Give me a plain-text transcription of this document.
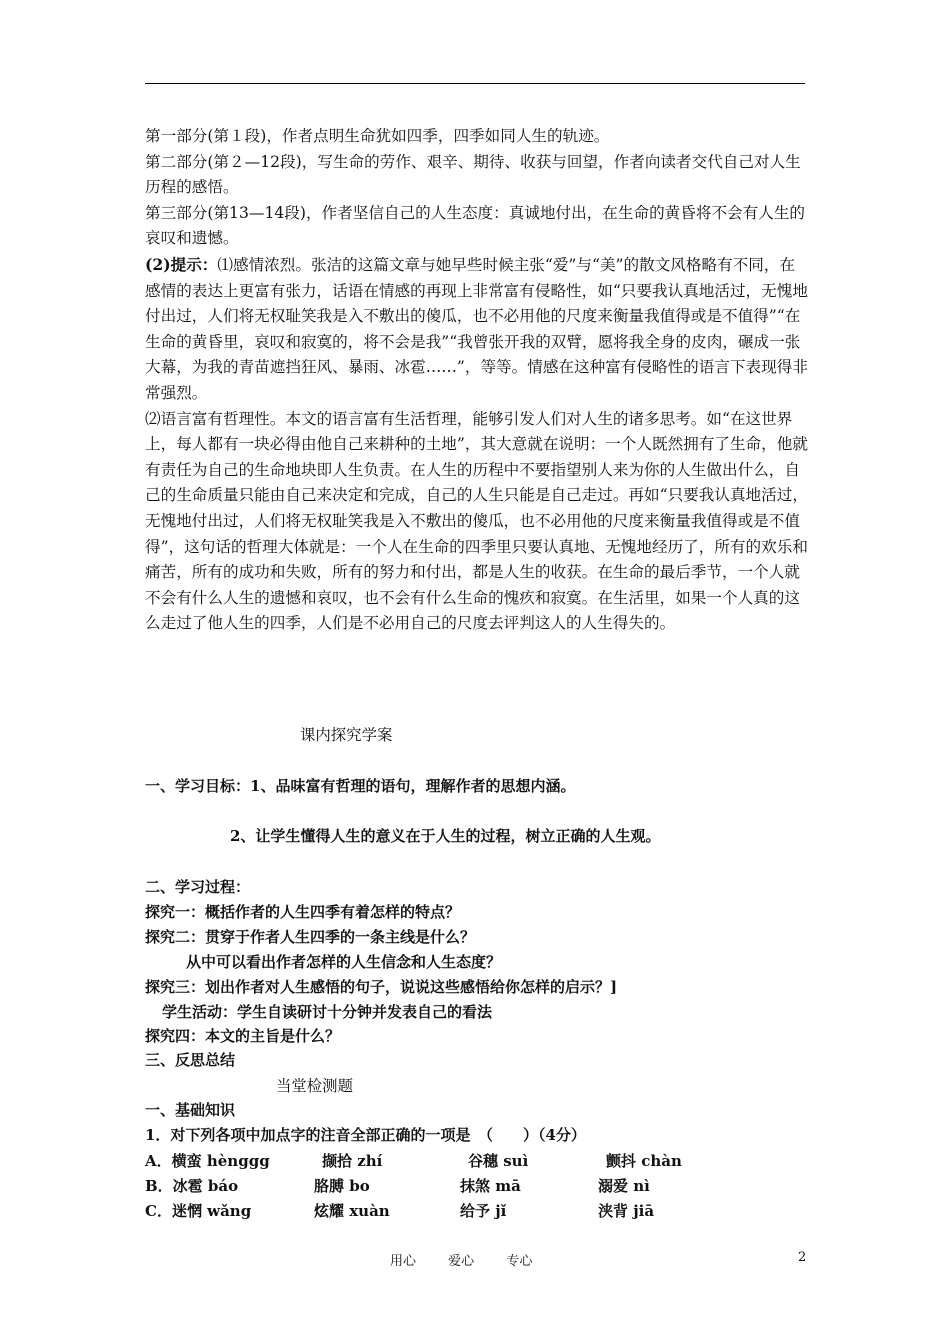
第一部分(第１段)，作者点明生命犹如四季，四季如同人生的轨迹。

第二部分(第２—12段)，写生命的劳作、艰辛、期待、收获与回望，作者向读者交代自己对人生历程的感悟。

第三部分(第13—14段)，作者坚信自己的人生态度：真诚地付出，在生命的黄昏将不会有人生的哀叹和遗憾。

(2)提示：⑴感情浓烈。张洁的这篇文章与她早些时候主张“爱”与“美”的散文风格略有不同，在感情的表达上更富有张力，话语在情感的再现上非常富有侵略性，如“只要我认真地活过，无愧地付出过，人们将无权耻笑我是入不敷出的傻瓜，也不必用他的尺度来衡量我值得或是不值得”“在生命的黄昏里，哀叹和寂寞的，将不会是我”“我曾张开我的双臂，愿将我全身的皮肉，碾成一张大幕，为我的青苗遮挡狂风、暴雨、冰雹……”，等等。情感在这种富有侵略性的语言下表现得非常强烈。

⑵语言富有哲理性。本文的语言富有生活哲理，能够引发人们对人生的诸多思考。如“在这世界上，每人都有一块必得由他自己来耕种的土地”，其大意就在说明：一个人既然拥有了生命，他就有责任为自己的生命地块即人生负责。在人生的历程中不要指望别人来为你的人生做出什么，自己的生命质量只能由自己来决定和完成，自己的人生只能是自己走过。再如“只要我认真地活过，无愧地付出过，人们将无权耻笑我是入不敷出的傻瓜，也不必用他的尺度来衡量我值得或是不值得”，这句话的哲理大体就是：一个人在生命的四季里只要认真地、无愧地经历了，所有的欢乐和痛苦，所有的成功和失败，所有的努力和付出，都是人生的收获。在生命的最后季节，一个人就不会有什么人生的遗憾和哀叹，也不会有什么生命的愧疚和寂寞。在生活里，如果一个人真的这么走过了他人生的四季，人们是不必用自己的尺度去评判这人的人生得失的。

课内探究学案
一、学习目标：1、品味富有哲理的语句，理解作者的思想内涵。
2、让学生懂得人生的意义在于人生的过程，树立正确的人生观。
二、学习过程：
探究一：概括作者的人生四季有着怎样的特点？
探究二：贯穿于作者人生四季的一条主线是什么？
从中可以看出作者怎样的人生信念和人生态度？
探究三：划出作者对人生感悟的句子，说说这些感悟给你怎样的启示？]
学生活动：学生自读研讨十分钟并发表自己的看法
探究四：本文的主旨是什么？
三、反思总结
当堂检测题
一、基础知识
1．对下列各项中加点字的注音全部正确的一项是　（　　）（4分）
A．横蛮 hènggg	撷拾 zhí	谷穗 suì	颤抖 chàn
B．冰雹 báo	胳膊 bo	抹煞 mā	溺爱 nì
C．迷惘 wǎng	炫耀 xuàn	给予 jǐ	浃背 jiā
用心 爱心 专心	2
